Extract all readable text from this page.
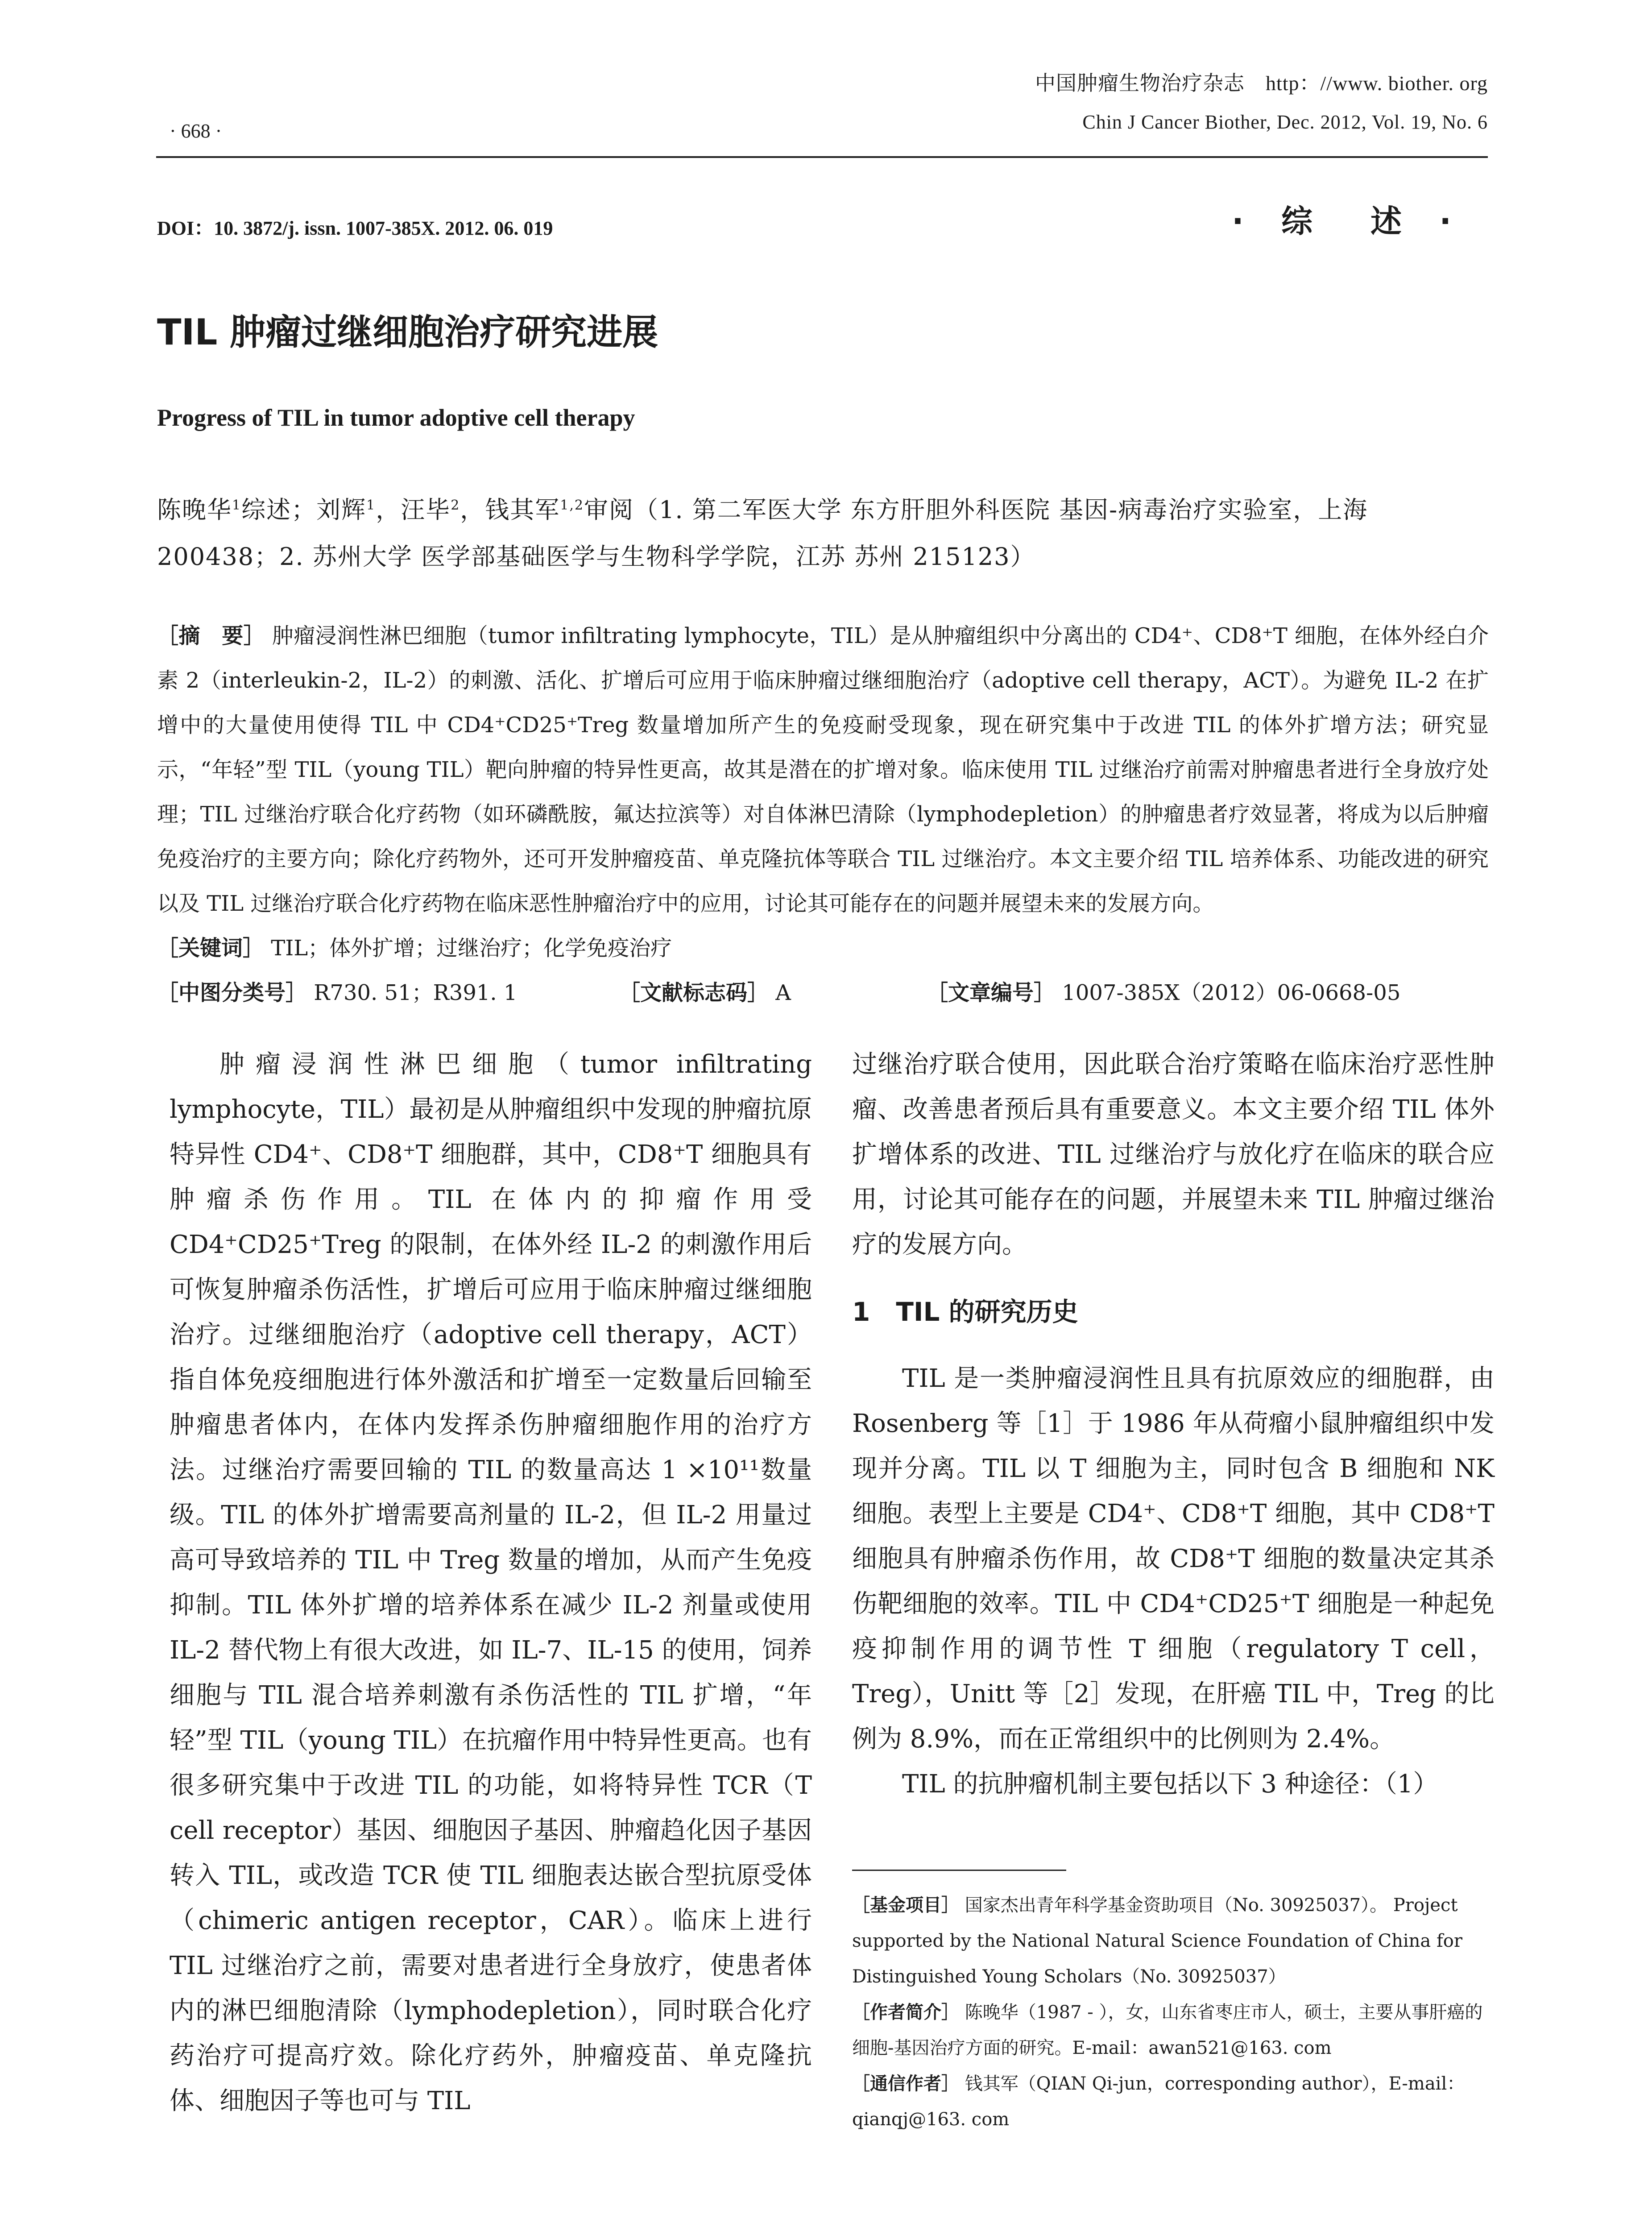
· 668 ·
中国肿瘤生物治疗杂志　http：//www. biother. org
Chin J Cancer Biother, Dec. 2012, Vol. 19, No. 6
DOI：10. 3872/j. issn. 1007-385X. 2012. 06. 019	· 综　述 ·
TIL 肿瘤过继细胞治疗研究进展
Progress of TIL in tumor adoptive cell therapy
陈晚华$^1$综述；刘辉$^1$，汪毕$^2$，钱其军$^{1,2}$审阅（1. 第二军医大学 东方肝胆外科医院 基因-病毒治疗实验室，上海 200438；2. 苏州大学 医学部基础医学与生物科学学院，江苏 苏州 215123）
［摘　要］ 肿瘤浸润性淋巴细胞（tumor infiltrating lymphocyte，TIL）是从肿瘤组织中分离出的 CD4⁺、CD8⁺T 细胞，在体外经白介素 2（interleukin-2，IL-2）的刺激、活化、扩增后可应用于临床肿瘤过继细胞治疗（adoptive cell therapy，ACT）。为避免 IL-2 在扩增中的大量使用使得 TIL 中 CD4⁺CD25⁺Treg 数量增加所产生的免疫耐受现象，现在研究集中于改进 TIL 的体外扩增方法；研究显示，“年轻”型 TIL（young TIL）靶向肿瘤的特异性更高，故其是潜在的扩增对象。临床使用 TIL 过继治疗前需对肿瘤患者进行全身放疗处理；TIL 过继治疗联合化疗药物（如环磷酰胺，氟达拉滨等）对自体淋巴清除（lymphodepletion）的肿瘤患者疗效显著，将成为以后肿瘤免疫治疗的主要方向；除化疗药物外，还可开发肿瘤疫苗、单克隆抗体等联合 TIL 过继治疗。本文主要介绍 TIL 培养体系、功能改进的研究以及 TIL 过继治疗联合化疗药物在临床恶性肿瘤治疗中的应用，讨论其可能存在的问题并展望未来的发展方向。
［关键词］ TIL；体外扩增；过继治疗；化学免疫治疗
［中图分类号］ R730. 51；R391. 1	［文献标志码］ A	［文章编号］ 1007-385X（2012）06-0668-05

肿瘤浸润性淋巴细胞（tumor infiltrating lymphocyte，TIL）最初是从肿瘤组织中发现的肿瘤抗原特异性 CD4⁺、CD8⁺T 细胞群，其中，CD8⁺T 细胞具有肿瘤杀伤作用。TIL 在体内的抑瘤作用受 CD4⁺CD25⁺Treg 的限制，在体外经 IL-2 的刺激作用后可恢复肿瘤杀伤活性，扩增后可应用于临床肿瘤过继细胞治疗。过继细胞治疗（adoptive cell therapy，ACT）指自体免疫细胞进行体外激活和扩增至一定数量后回输至肿瘤患者体内，在体内发挥杀伤肿瘤细胞作用的治疗方法。过继治疗需要回输的 TIL 的数量高达 1 ×10¹¹数量级。TIL 的体外扩增需要高剂量的 IL-2，但 IL-2 用量过高可导致培养的 TIL 中 Treg 数量的增加，从而产生免疫抑制。TIL 体外扩增的培养体系在减少 IL-2 剂量或使用 IL-2 替代物上有很大改进，如 IL-7、IL-15 的使用，饲养细胞与 TIL 混合培养刺激有杀伤活性的 TIL 扩增，“年轻”型 TIL（young TIL）在抗瘤作用中特异性更高。也有很多研究集中于改进 TIL 的功能，如将特异性 TCR（T cell receptor）基因、细胞因子基因、肿瘤趋化因子基因转入 TIL，或改造 TCR 使 TIL 细胞表达嵌合型抗原受体（chimeric antigen receptor，CAR）。临床上进行 TIL 过继治疗之前，需要对患者进行全身放疗，使患者体内的淋巴细胞清除（lymphodepletion），同时联合化疗药治疗可提高疗效。除化疗药外，肿瘤疫苗、单克隆抗体、细胞因子等也可与 TIL

过继治疗联合使用，因此联合治疗策略在临床治疗恶性肿瘤、改善患者预后具有重要意义。本文主要介绍 TIL 体外扩增体系的改进、TIL 过继治疗与放化疗在临床的联合应用，讨论其可能存在的问题，并展望未来 TIL 肿瘤过继治疗的发展方向。

1　TIL 的研究历史

TIL 是一类肿瘤浸润性且具有抗原效应的细胞群，由 Rosenberg 等［1］于 1986 年从荷瘤小鼠肿瘤组织中发现并分离。TIL 以 T 细胞为主，同时包含 B 细胞和 NK 细胞。表型上主要是 CD4⁺、CD8⁺T 细胞，其中 CD8⁺T 细胞具有肿瘤杀伤作用，故 CD8⁺T 细胞的数量决定其杀伤靶细胞的效率。TIL 中 CD4⁺CD25⁺T 细胞是一种起免疫抑制作用的调节性 T 细胞（regulatory T cell，Treg），Unitt 等［2］发现，在肝癌 TIL 中，Treg 的比例为 8.9%，而在正常组织中的比例则为 2.4%。

TIL 的抗肿瘤机制主要包括以下 3 种途径：（1）

［基金项目］ 国家杰出青年科学基金资助项目（No. 30925037）。 Project supported by the National Natural Science Foundation of China for Distinguished Young Scholars（No. 30925037）

［作者简介］ 陈晚华（1987 - ），女，山东省枣庄市人，硕士，主要从事肝癌的细胞-基因治疗方面的研究。E-mail：awan521@163. com

［通信作者］ 钱其军（QIAN Qi-jun，corresponding author），E-mail：qianqj@163. com
